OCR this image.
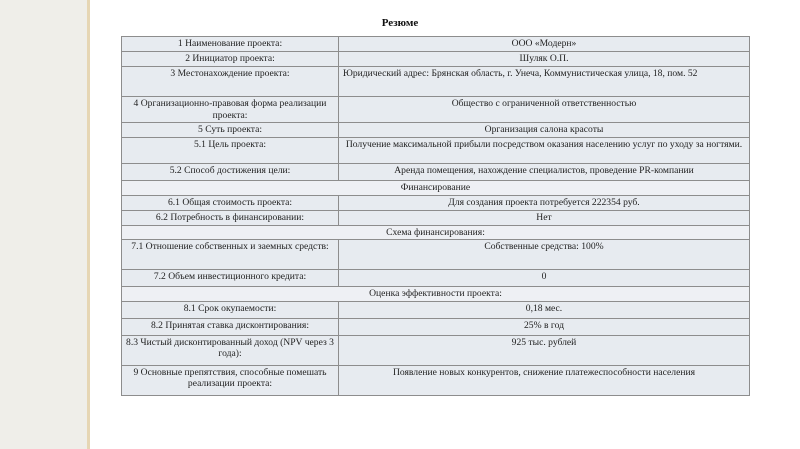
Резюме
1 Наименование проекта:	ООО «Модерн»
2 Инициатор проекта:	Шуляк О.П.
3 Местонахождение проекта:	Юридический адрес: Брянская область, г. Унеча, Коммунистическая улица, 18, пом. 52
4 Организационно-правовая форма реализации проекта:	Общество с ограниченной ответственностью
5 Суть проекта:	Организация салона красоты
5.1 Цель проекта:	Получение максимальной прибыли посредством оказания населению услуг по уходу за ногтями.
5.2 Способ достижения цели:	Аренда помещения, нахождение специалистов, проведение PR-компании
Финансирование	
6.1 Общая стоимость проекта:	Для создания проекта потребуется 222354 руб.
6.2 Потребность в финансировании:	Нет
Схема финансирования:	
7.1 Отношение собственных и заемных средств:	Собственные средства: 100%
7.2 Объем инвестиционного кредита:	0
Оценка эффективности проекта:	
8.1 Срок окупаемости:	0,18 мес.
8.2 Принятая ставка дисконтирования:	25% в год
8.3 Чистый дисконтированный доход (NPV через 3 года):	925 тыс. рублей
9 Основные препятствия, способные помешать реализации проекта:	Появление новых конкурентов, снижение платежеспособности населения
